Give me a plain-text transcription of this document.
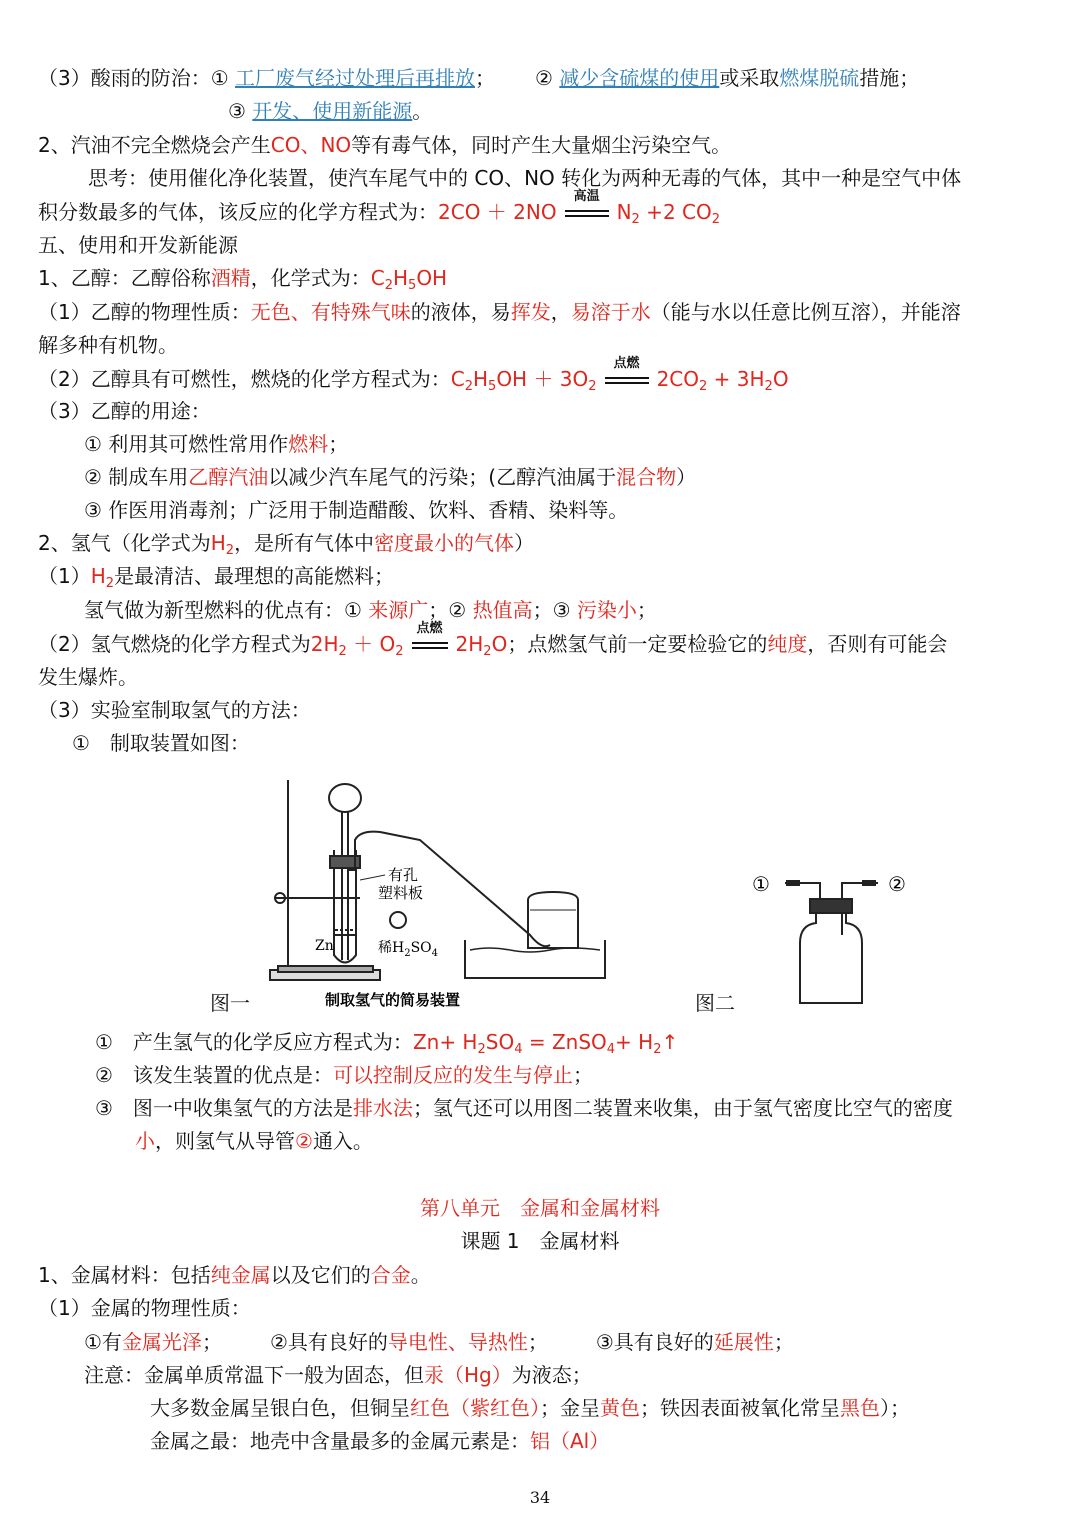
（3）酸雨的防治：① 工厂废气经过处理后再排放； ② 减少含硫煤的使用或采取燃煤脱硫措施；
③ 开发、使用新能源。
2、汽油不完全燃烧会产生CO、NO等有毒气体，同时产生大量烟尘污染空气。
思考：使用催化净化装置，使汽车尾气中的 CO、NO 转化为两种无毒的气体，其中一种是空气中体
积分数最多的气体，该反应的化学方程式为：2CO ＋ 2NO
高温
$N_2 +2$ $CO_2$
五、使用和开发新能源
1、乙醇：乙醇俗称酒精，化学式为：$C_2H_5OH$
（1）乙醇的物理性质：无色、有特殊气味的液体，易挥发，易溶于水（能与水以任意比例互溶），并能溶
解多种有机物。
（2）乙醇具有可燃性，燃烧的化学方程式为：$C_2H_5OH + 3O_2$
点燃
$2CO_2 + 3H_2O$
（3）乙醇的用途：
① 利用其可燃性常用作燃料；
② 制成车用乙醇汽油以减少汽车尾气的污染；(乙醇汽油属于混合物）
③ 作医用消毒剂；广泛用于制造醋酸、饮料、香精、染料等。
2、氢气（化学式为$H_2$，是所有气体中密度最小的气体）
$(1)H_2$是最清洁、最理想的高能燃料；
氢气做为新型燃料的优点有：① 来源广；② 热值高；③ 污染小；
（2）氢气燃烧的化学方程式为$2H_2 + O_2$
点燃
$2H_2O$；点燃氢气前一定要检验它的纯度，否则有可能会
发生爆炸。
（3）实验室制取氢气的方法：
①　制取装置如图：
有孔
塑料板
Zn	稀$H_2SO_4$
制取氢气的简易装置
图一
①	②
图二
①　产生氢气的化学反应方程式为：$Zn+ H_2SO_4$ = ZnSO$_4$+ $H_2↑$
②　该发生装置的优点是：可以控制反应的发生与停止；
③　图一中收集氢气的方法是排水法；氢气还可以用图二装置来收集，由于氢气密度比空气的密度
小，则氢气从导管②通入。
第八单元　金属和金属材料
课题 1　金属材料
1、金属材料：包括纯金属以及它们的合金。
（1）金属的物理性质：
①有金属光泽； ②具有良好的导电性、导热性； ③具有良好的延展性；
注意：金属单质常温下一般为固态，但汞（Hg）为液态；
大多数金属呈银白色，但铜呈红色（紫红色）；金呈黄色；铁因表面被氧化常呈黑色）；
金属之最：地壳中含量最多的金属元素是：铝（Al）
34
